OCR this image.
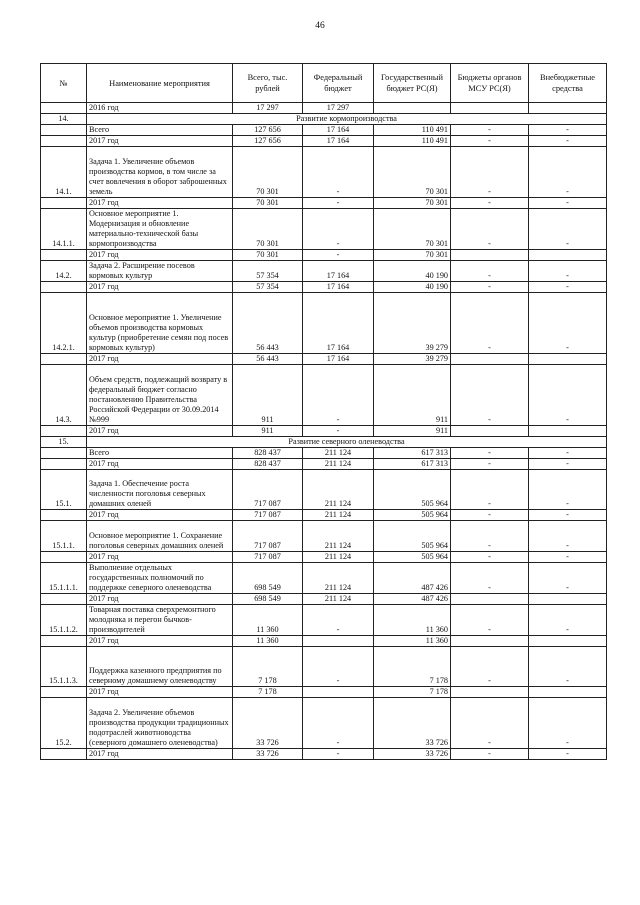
46
№	Наименование мероприятия	Всего, тыс. рублей	Федеральный бюджет	Государственный бюджет РС(Я)	Бюджеты органов МСУ РС(Я)	Внебюджетные средства
	2016 год	17 297	17 297			
14.	Развитие кормопроизводства					
	Всего	127 656	17 164	110 491	-	-
	2017 год	127 656	17 164	110 491	-	-
14.1.	Задача 1. Увеличение объемов производства кормов, в том числе за счет вовлечения в оборот заброшенных земель	70 301	-	70 301	-	-
	2017 год	70 301	-	70 301	-	-
14.1.1.	Основное мероприятие 1. Модернизация и обновление материально-технической базы кормопроизводства	70 301	-	70 301	-	-
	2017 год	70 301	-	70 301		
14.2.	Задача 2. Расширение посевов кормовых культур	57 354	17 164	40 190	-	-
	2017 год	57 354	17 164	40 190	-	-
14.2.1.	Основное мероприятие 1. Увеличение объемов производства кормовых культур (приобретение семян под посев кормовых культур)	56 443	17 164	39 279	-	-
	2017 год	56 443	17 164	39 279		
14.3.	Объем средств, подлежащий возврату в федеральный бюджет согласно постановлению Правительства Российской Федерации от 30.09.2014 №999	911	-	911	-	-
	2017 год	911	-	911		
15.	Развитие северного оленеводства					
	Всего	828 437	211 124	617 313	-	-
	2017 год	828 437	211 124	617 313	-	-
15.1.	Задача 1. Обеспечение роста численности поголовья северных домашних оленей	717 087	211 124	505 964	-	-
	2017 год	717 087	211 124	505 964	-	-
15.1.1.	Основное мероприятие 1. Сохранение поголовья северных домашних оленей	717 087	211 124	505 964	-	-
	2017 год	717 087	211 124	505 964	-	-
15.1.1.1.	Выполнение отдельных государственных полномочий по поддержке северного оленеводства	698 549	211 124	487 426	-	-
	2017 год	698 549	211 124	487 426		
15.1.1.2.	Товарная поставка сверхремонтного молодняка и перегон бычков-производителей	11 360	-	11 360	-	-
	2017 год	11 360		11 360		
15.1.1.3.	Поддержка казенного предприятия по северному домашнему оленеводству	7 178	-	7 178	-	-
	2017 год	7 178		7 178		
15.2.	Задача 2. Увеличение объемов производства продукции традиционных подотраслей животноводства (северного домашнего оленеводства)	33 726	-	33 726	-	-
	2017 год	33 726	-	33 726	-	-
